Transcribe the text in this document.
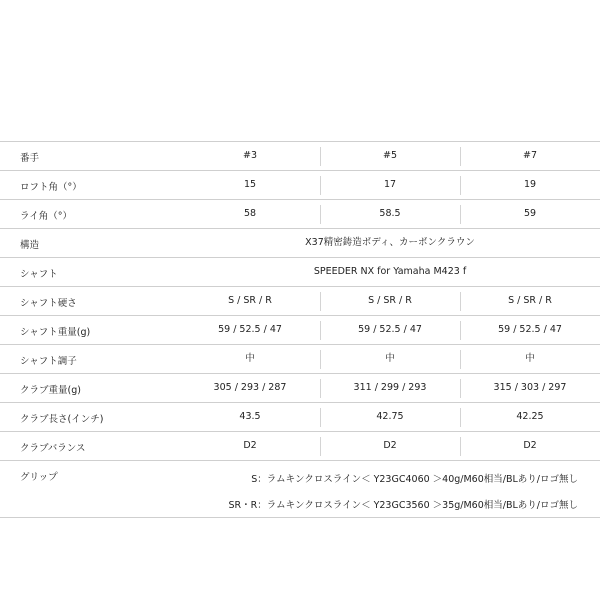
番手	#3	#5	#7
ロフト角（°）	15	17	19
ライ角（°）	58	58.5	59
構造	X37精密鋳造ボディ、カーボンクラウン
シャフト	SPEEDER NX for Yamaha M423 f
シャフト硬さ	S / SR / R	S / SR / R	S / SR / R
シャフト重量(g)	59 / 52.5 / 47	59 / 52.5 / 47	59 / 52.5 / 47
シャフト調子	中	中	中
クラブ重量(g)	305 / 293 / 287	311 / 299 / 293	315 / 303 / 297
クラブ長さ(インチ)	43.5	42.75	42.25
クラブバランス	D2	D2	D2
グリップ	S：ラムキンクロスライン＜ Y23GC4060 ＞40g/M60相当/BLあり/ロゴ無し
SR・R：ラムキンクロスライン＜ Y23GC3560 ＞35g/M60相当/BLあり/ロゴ無し
